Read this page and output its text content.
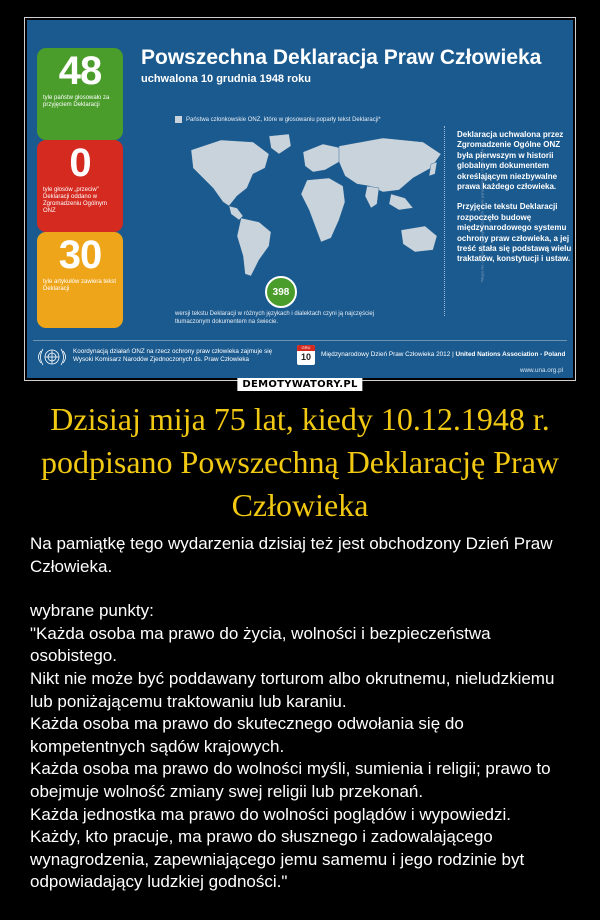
48
tyle państw głosowało za przyjęciem Deklaracji
0
tyle głosów „przeciw" Deklaracji oddano w Zgromadzeniu Ogólnym ONZ
30
tyle artykułów zawiera tekst Deklaracji
Powszechna Deklaracja Praw Człowieka
uchwalona 10 grudnia 1948 roku
Państwa członkowskie ONZ, które w głosowaniu poparły tekst Deklaracji*
398
wersji tekstu Deklaracji w różnych językach i dialektach czyni ją najczęściej tłumaczonym dokumentem na świecie.
*Mapa nie odzwierciedla współczesnych granic państwowych i nazw krajów

Deklaracja uchwalona przez Zgromadzenie Ogólne ONZ była pierwszym w historii globalnym dokumentem określającym niezbywalne prawa każdego człowieka.

Przyjęcie tekstu Deklaracji rozpoczęło budowę międzynarodowego systemu ochrony praw człowieka, a jej treść stała się podstawą wielu traktatów, konstytucji i ustaw.

Koordynacją działań ONZ na rzecz ochrony praw człowieka zajmuje się Wysoki Komisarz Narodów Zjednoczonych ds. Praw Człowieka
GRU
10	Międzynarodowy Dzień Praw Człowieka 2012 | United Nations Association - Poland
www.una.org.pl
DEMOTYWATORY.PL
Dzisiaj mija 75 lat, kiedy 10.12.1948 r. podpisano Powszechną Deklarację Praw Człowieka
Na pamiątkę tego wydarzenia dzisiaj też jest obchodzony Dzień Praw Człowieka.
wybrane punkty:
"Każda osoba ma prawo do życia, wolności i bezpieczeństwa osobistego.
Nikt nie może być poddawany torturom albo okrutnemu, nieludzkiemu lub poniżającemu traktowaniu lub karaniu.
Każda osoba ma prawo do skutecznego odwołania się do kompetentnych sądów krajowych.
Każda osoba ma prawo do wolności myśli, sumienia i religii; prawo to obejmuje wolność zmiany swej religii lub przekonań.
Każda jednostka ma prawo do wolności poglądów i wypowiedzi.
Każdy, kto pracuje, ma prawo do słusznego i zadowalającego wynagrodzenia, zapewniającego jemu samemu i jego rodzinie byt odpowiadający ludzkiej godności."
